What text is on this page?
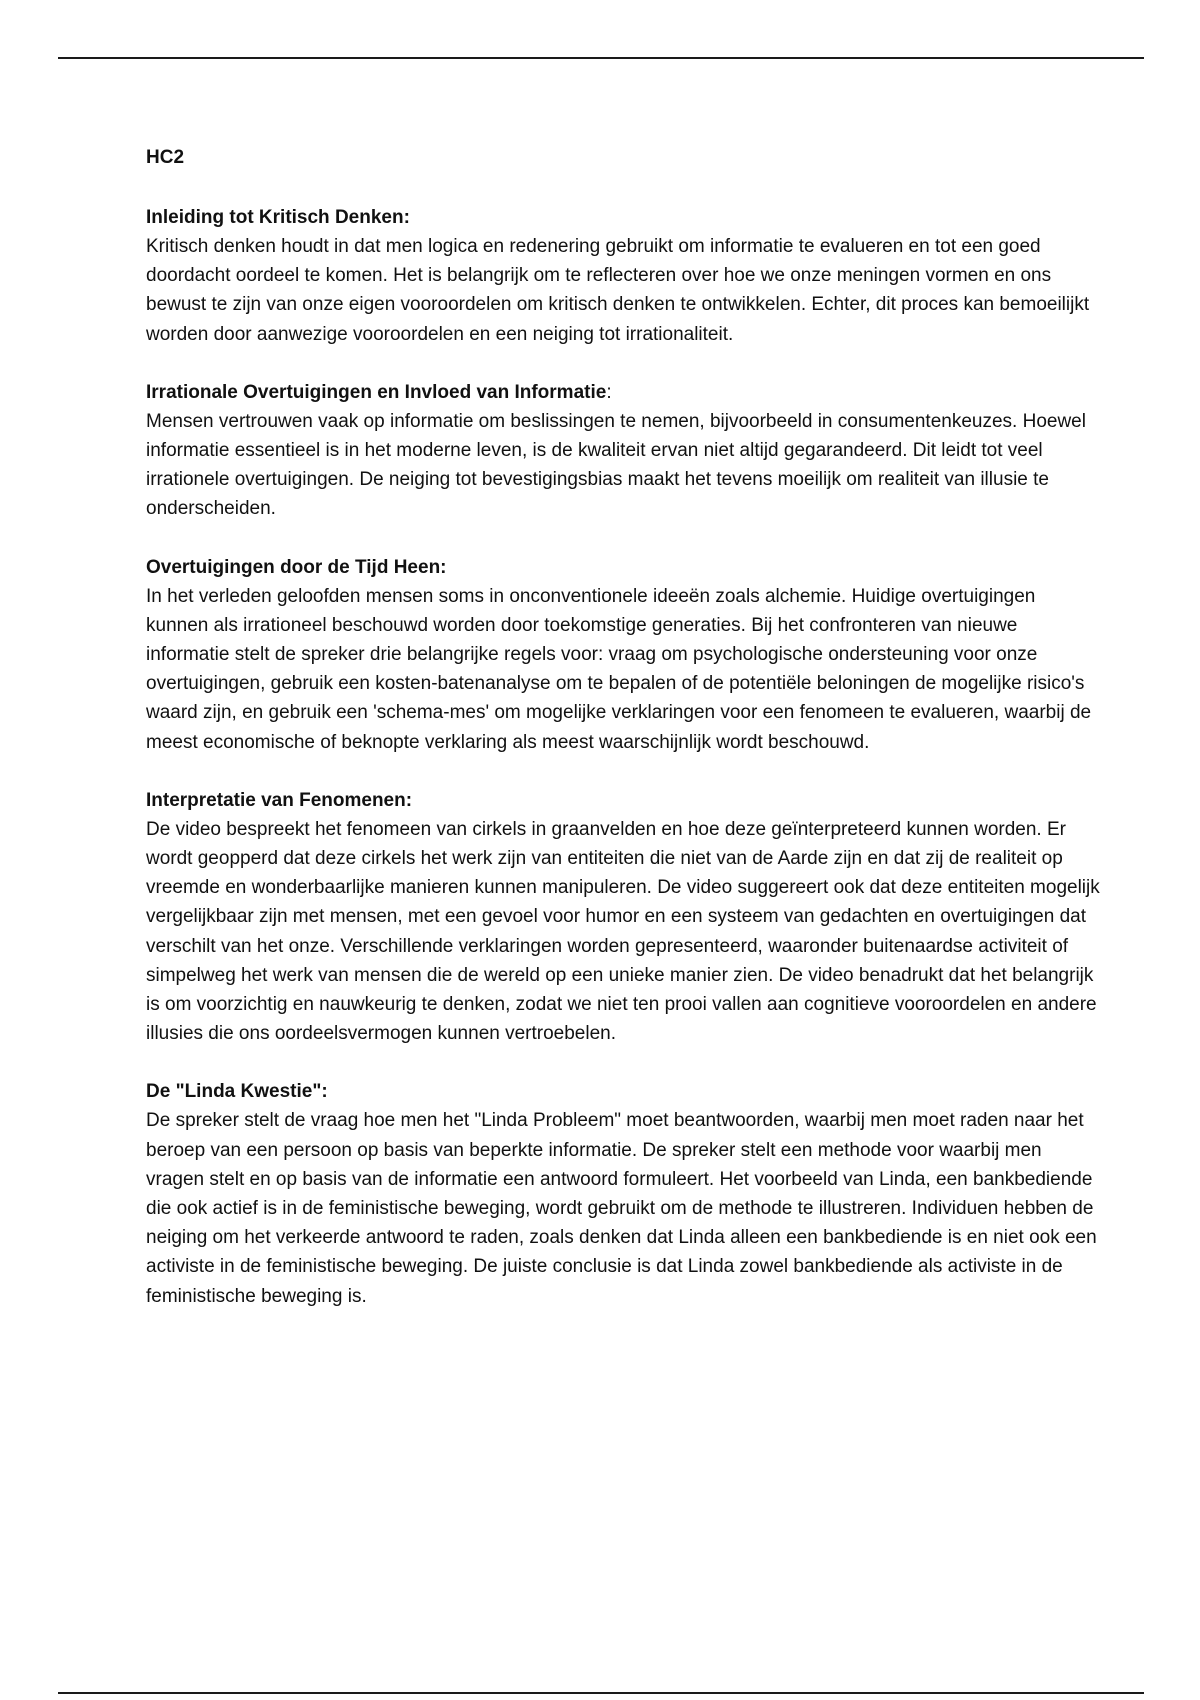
HC2

Inleiding tot Kritisch Denken:

Kritisch denken houdt in dat men logica en redenering gebruikt om informatie te evalueren en tot een goed doordacht oordeel te komen. Het is belangrijk om te reflecteren over hoe we onze meningen vormen en ons bewust te zijn van onze eigen vooroordelen om kritisch denken te ontwikkelen. Echter, dit proces kan bemoeilijkt worden door aanwezige vooroordelen en een neiging tot irrationaliteit.

Irrationale Overtuigingen en Invloed van Informatie:

Mensen vertrouwen vaak op informatie om beslissingen te nemen, bijvoorbeeld in consumentenkeuzes. Hoewel informatie essentieel is in het moderne leven, is de kwaliteit ervan niet altijd gegarandeerd. Dit leidt tot veel irrationele overtuigingen. De neiging tot bevestigingsbias maakt het tevens moeilijk om realiteit van illusie te onderscheiden.

Overtuigingen door de Tijd Heen:

In het verleden geloofden mensen soms in onconventionele ideeën zoals alchemie. Huidige overtuigingen kunnen als irrationeel beschouwd worden door toekomstige generaties. Bij het confronteren van nieuwe informatie stelt de spreker drie belangrijke regels voor: vraag om psychologische ondersteuning voor onze overtuigingen, gebruik een kosten-batenanalyse om te bepalen of de potentiële beloningen de mogelijke risico's waard zijn, en gebruik een 'schema-mes' om mogelijke verklaringen voor een fenomeen te evalueren, waarbij de meest economische of beknopte verklaring als meest waarschijnlijk wordt beschouwd.

Interpretatie van Fenomenen:

De video bespreekt het fenomeen van cirkels in graanvelden en hoe deze geïnterpreteerd kunnen worden. Er wordt geopperd dat deze cirkels het werk zijn van entiteiten die niet van de Aarde zijn en dat zij de realiteit op vreemde en wonderbaarlijke manieren kunnen manipuleren. De video suggereert ook dat deze entiteiten mogelijk vergelijkbaar zijn met mensen, met een gevoel voor humor en een systeem van gedachten en overtuigingen dat verschilt van het onze. Verschillende verklaringen worden gepresenteerd, waaronder buitenaardse activiteit of simpelweg het werk van mensen die de wereld op een unieke manier zien. De video benadrukt dat het belangrijk is om voorzichtig en nauwkeurig te denken, zodat we niet ten prooi vallen aan cognitieve vooroordelen en andere illusies die ons oordeelsvermogen kunnen vertroebelen.

De "Linda Kwestie":

De spreker stelt de vraag hoe men het "Linda Probleem" moet beantwoorden, waarbij men moet raden naar het beroep van een persoon op basis van beperkte informatie. De spreker stelt een methode voor waarbij men vragen stelt en op basis van de informatie een antwoord formuleert. Het voorbeeld van Linda, een bankbediende die ook actief is in de feministische beweging, wordt gebruikt om de methode te illustreren. Individuen hebben de neiging om het verkeerde antwoord te raden, zoals denken dat Linda alleen een bankbediende is en niet ook een activiste in de feministische beweging. De juiste conclusie is dat Linda zowel bankbediende als activiste in de feministische beweging is.
